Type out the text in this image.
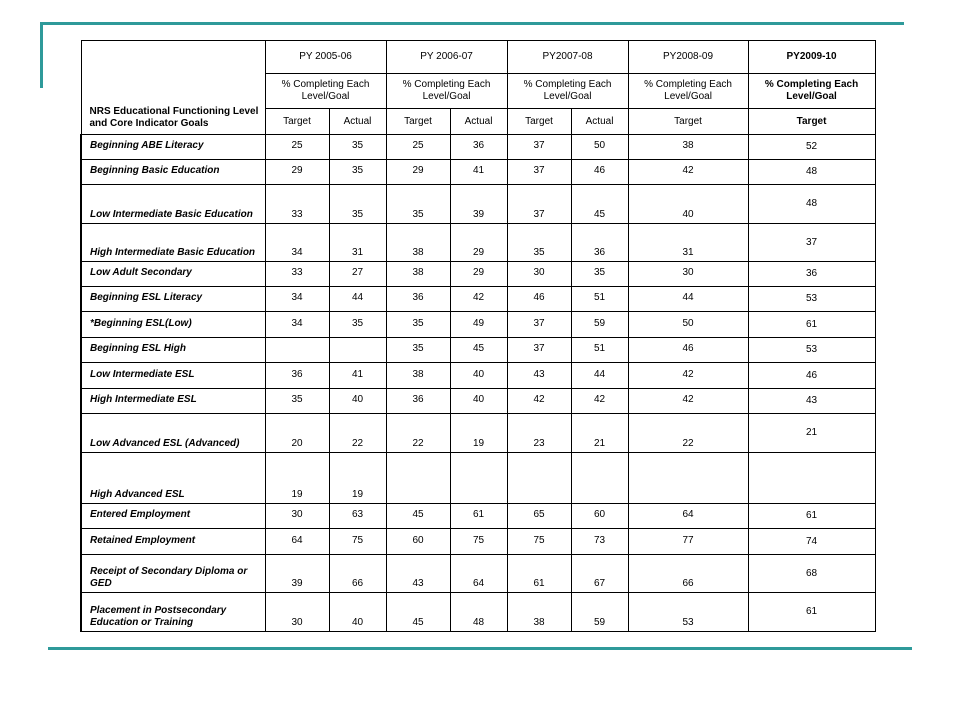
NRS Educational Functioning Level and Core Indicator Goals	PY 2005-06		PY 2006-07		PY2007-08		PY2008-09	PY2009-10
	% Completing Each Level/Goal		% Completing Each Level/Goal		% Completing Each Level/Goal		% Completing Each Level/Goal	% Completing Each Level/Goal
	Target	Actual	Target	Actual	Target	Actual	Target	Target
Beginning ABE Literacy	25	35	25	36	37	50	38	52
Beginning Basic Education	29	35	29	41	37	46	42	48
Low Intermediate Basic Education	33	35	35	39	37	45	40	48
High Intermediate Basic Education	34	31	38	29	35	36	31	37
Low Adult Secondary	33	27	38	29	30	35	30	36
Beginning ESL Literacy	34	44	36	42	46	51	44	53
*Beginning ESL(Low)	34	35	35	49	37	59	50	61
Beginning ESL High			35	45	37	51	46	53
Low Intermediate ESL	36	41	38	40	43	44	42	46
High Intermediate ESL	35	40	36	40	42	42	42	43
Low Advanced ESL (Advanced)	20	22	22	19	23	21	22	21
High Advanced ESL	19	19						
Entered Employment	30	63	45	61	65	60	64	61
Retained Employment	64	75	60	75	75	73	77	74
Receipt of Secondary Diploma or GED	39	66	43	64	61	67	66	68
Placement in Postsecondary Education or Training	30	40	45	48	38	59	53	61
